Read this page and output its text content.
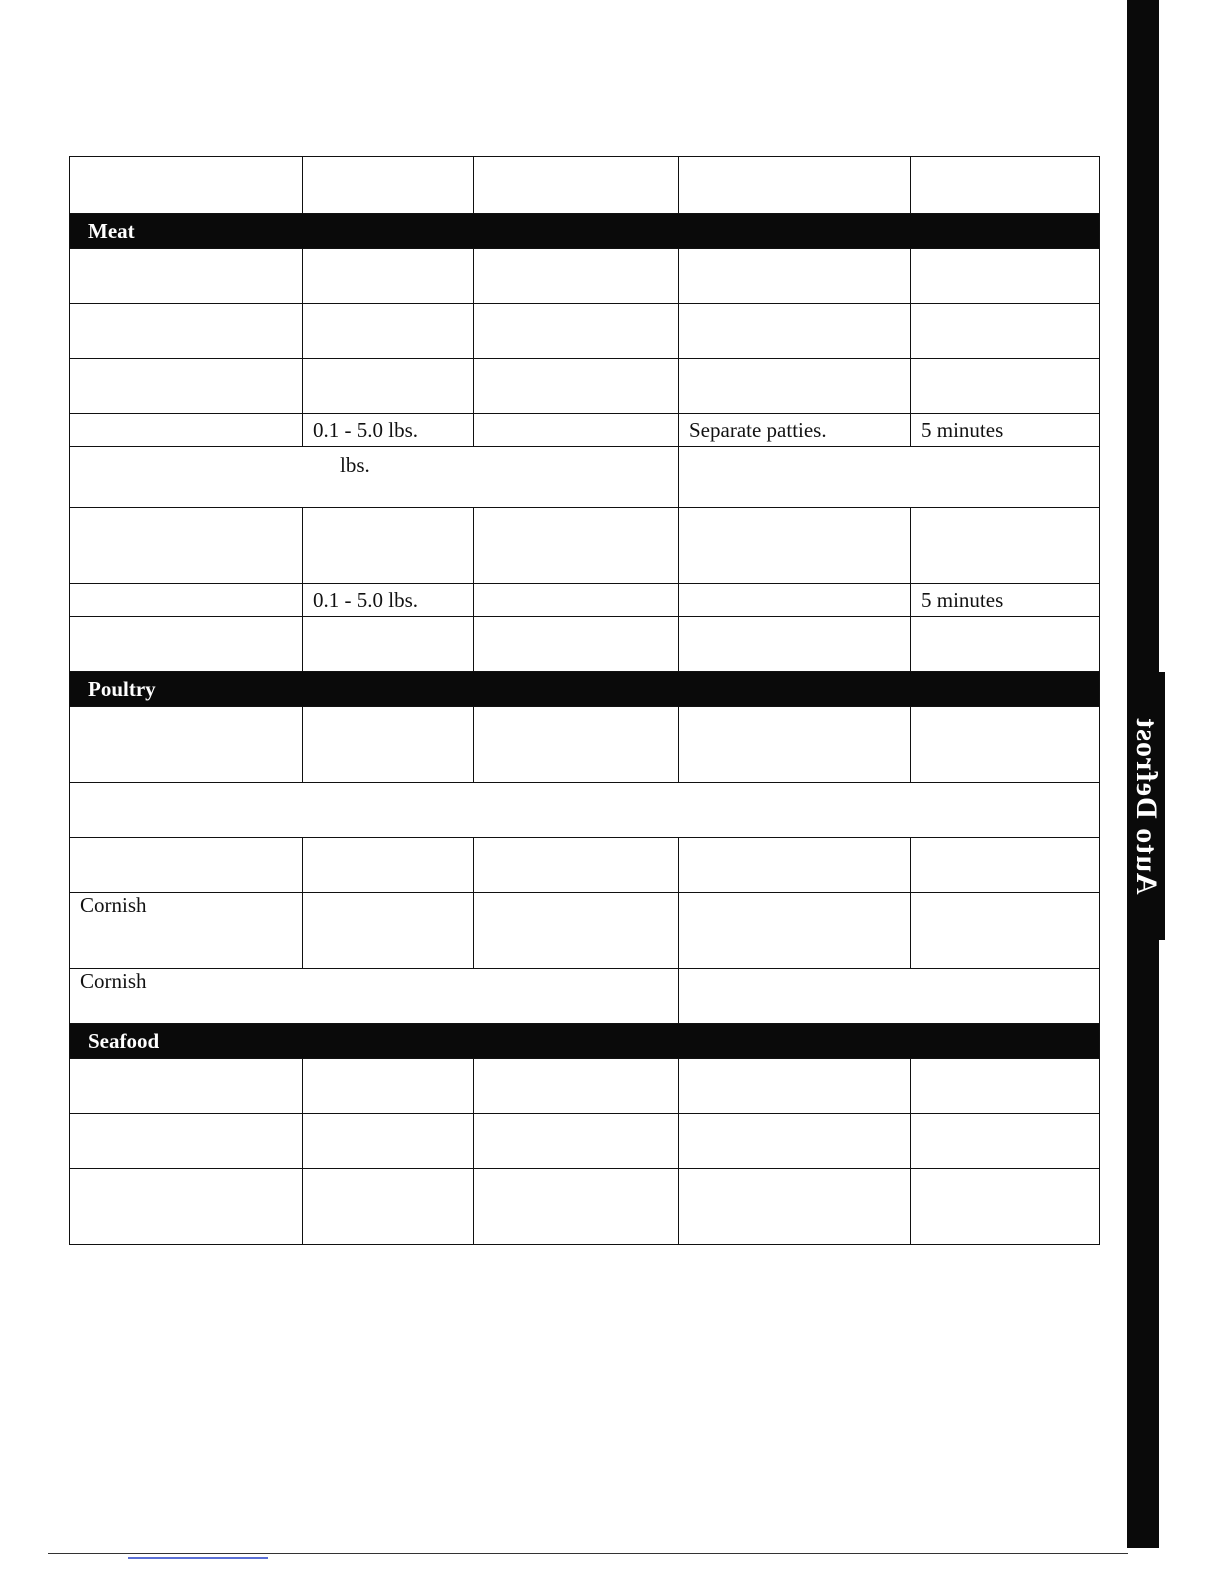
Auto Defrost

Meat				

	0.1 - 5.0 lbs.		Separate patties.	5 minutes
lbs.				

	0.1 - 5.0 lbs.			5 minutes

Poultry				

Cornish				
Cornish				
Seafood				
